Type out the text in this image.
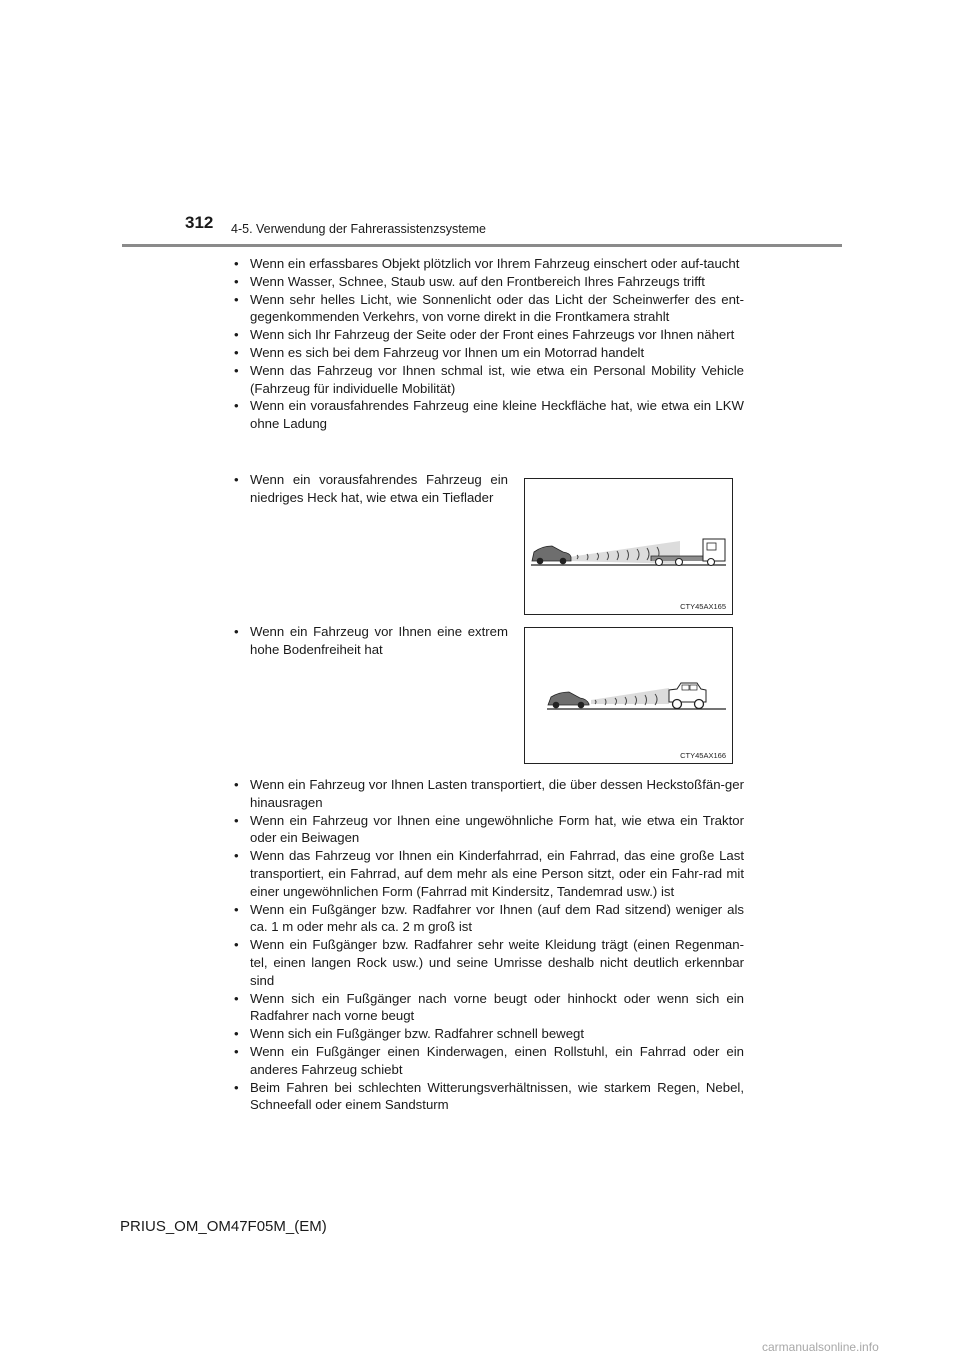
312 4-5. Verwendung der Fahrerassistenzsysteme
• Wenn ein erfassbares Objekt plötzlich vor Ihrem Fahrzeug einschert oder auf-taucht
• Wenn Wasser, Schnee, Staub usw. auf den Frontbereich Ihres Fahrzeugs trifft
• Wenn sehr helles Licht, wie Sonnenlicht oder das Licht der Scheinwerfer des ent-gegenkommenden Verkehrs, von vorne direkt in die Frontkamera strahlt
• Wenn sich Ihr Fahrzeug der Seite oder der Front eines Fahrzeugs vor Ihnen nähert
• Wenn es sich bei dem Fahrzeug vor Ihnen um ein Motorrad handelt
• Wenn das Fahrzeug vor Ihnen schmal ist, wie etwa ein Personal Mobility Vehicle (Fahrzeug für individuelle Mobilität)
• Wenn ein vorausfahrendes Fahrzeug eine kleine Heckfläche hat, wie etwa ein LKW ohne Ladung
• Wenn ein vorausfahrendes Fahrzeug ein niedriges Heck hat, wie etwa ein Tieflader
CTY45AX165
• Wenn ein Fahrzeug vor Ihnen eine extrem hohe Bodenfreiheit hat
CTY45AX166
• Wenn ein Fahrzeug vor Ihnen Lasten transportiert, die über dessen Heckstoßfän-ger hinausragen
• Wenn ein Fahrzeug vor Ihnen eine ungewöhnliche Form hat, wie etwa ein Traktor oder ein Beiwagen
• Wenn das Fahrzeug vor Ihnen ein Kinderfahrrad, ein Fahrrad, das eine große Last transportiert, ein Fahrrad, auf dem mehr als eine Person sitzt, oder ein Fahr-rad mit einer ungewöhnlichen Form (Fahrrad mit Kindersitz, Tandemrad usw.) ist
• Wenn ein Fußgänger bzw. Radfahrer vor Ihnen (auf dem Rad sitzend) weniger als ca. 1 m oder mehr als ca. 2 m groß ist
• Wenn ein Fußgänger bzw. Radfahrer sehr weite Kleidung trägt (einen Regenman-tel, einen langen Rock usw.) und seine Umrisse deshalb nicht deutlich erkennbar sind
• Wenn sich ein Fußgänger nach vorne beugt oder hinhockt oder wenn sich ein Radfahrer nach vorne beugt
• Wenn sich ein Fußgänger bzw. Radfahrer schnell bewegt
• Wenn ein Fußgänger einen Kinderwagen, einen Rollstuhl, ein Fahrrad oder ein anderes Fahrzeug schiebt
• Beim Fahren bei schlechten Witterungsverhältnissen, wie starkem Regen, Nebel, Schneefall oder einem Sandsturm
PRIUS_OM_OM47F05M_(EM)
carmanualsonline.info
